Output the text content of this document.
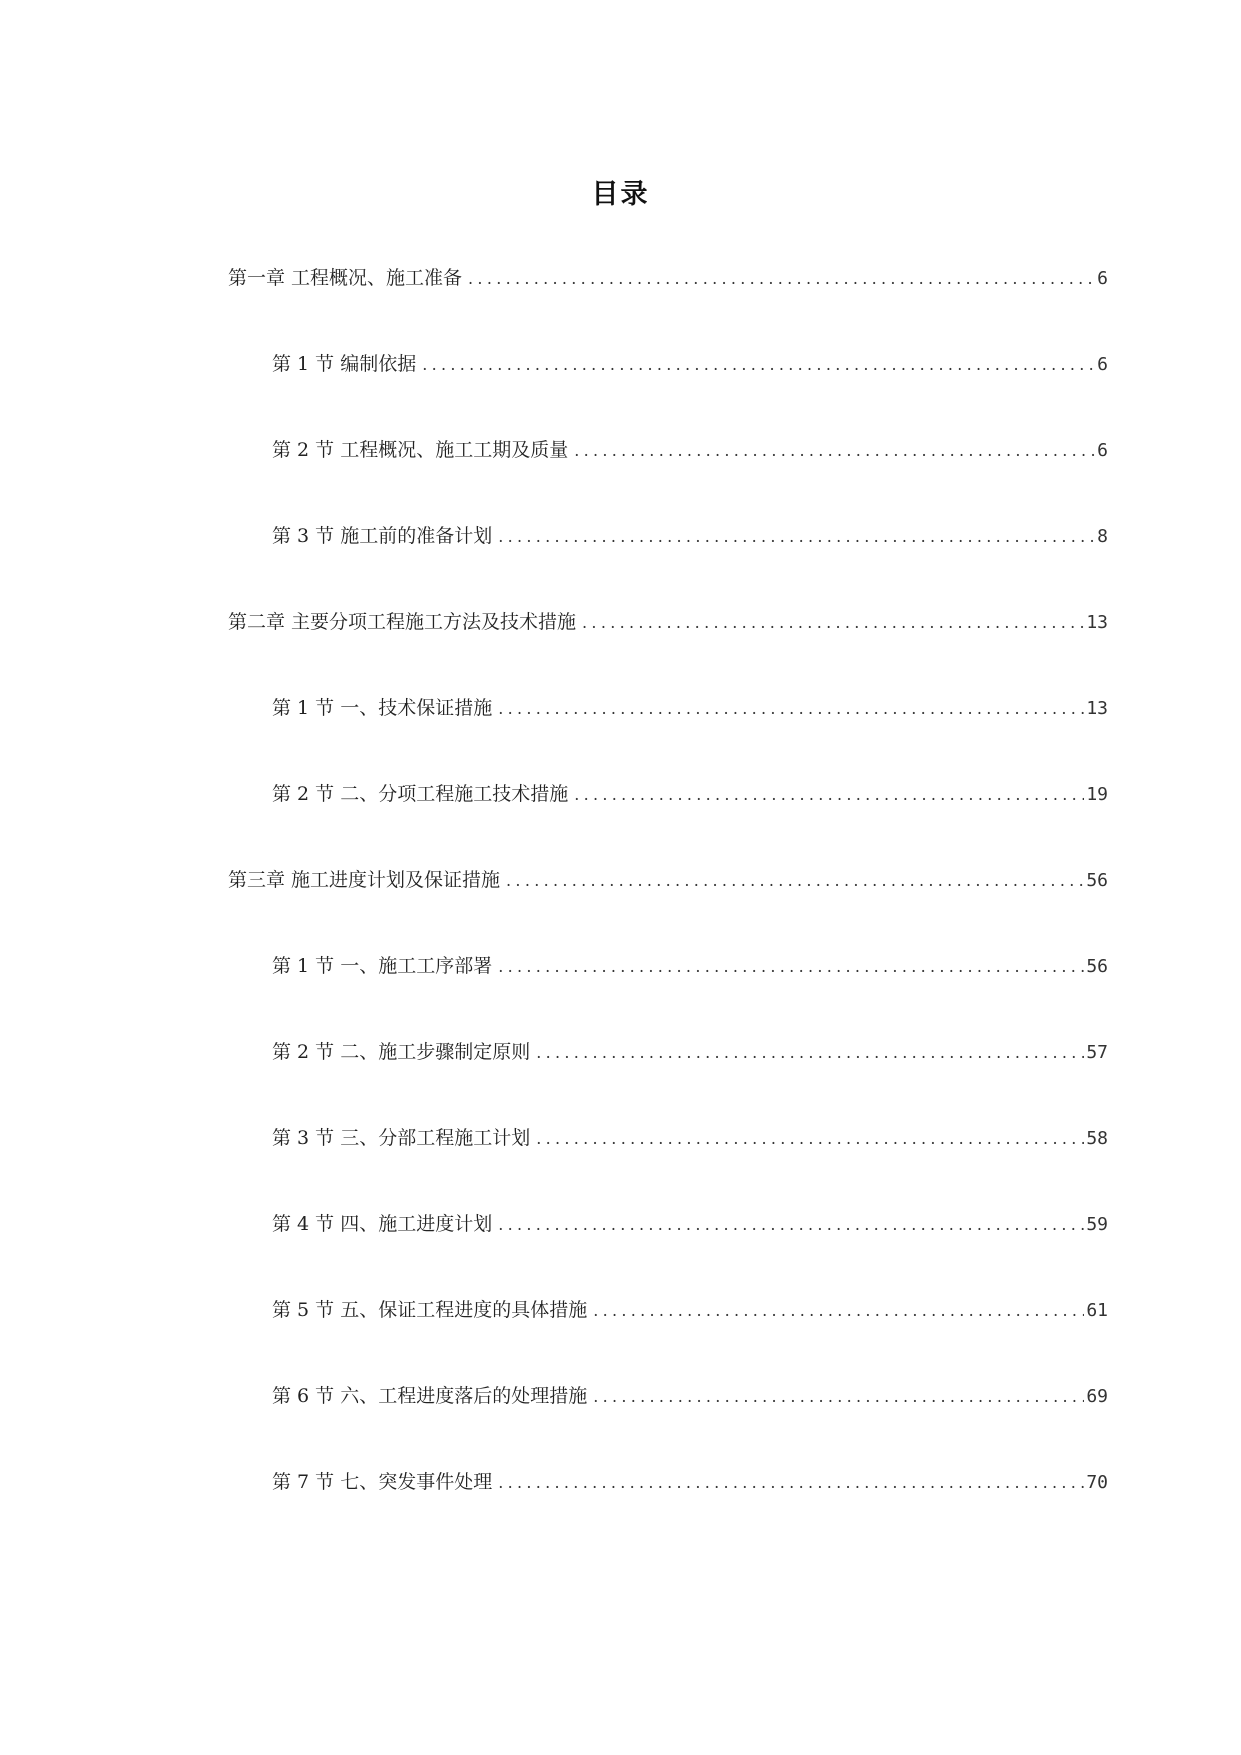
目录
第一章 工程概况、施工准备 .....	6
第 1 节 编制依据 .....	6
第 2 节 工程概况、施工工期及质量 .....	6
第 3 节 施工前的准备计划 .....	8
第二章 主要分项工程施工方法及技术措施 .....	13
第 1 节 一、技术保证措施 .....	13
第 2 节 二、分项工程施工技术措施 .....	19
第三章 施工进度计划及保证措施 .....	56
第 1 节 一、施工工序部署 .....	56
第 2 节 二、施工步骤制定原则 .....	57
第 3 节 三、分部工程施工计划 .....	58
第 4 节 四、施工进度计划 .....	59
第 5 节 五、保证工程进度的具体措施 .....	61
第 6 节 六、工程进度落后的处理措施 .....	69
第 7 节 七、突发事件处理 .....	70
